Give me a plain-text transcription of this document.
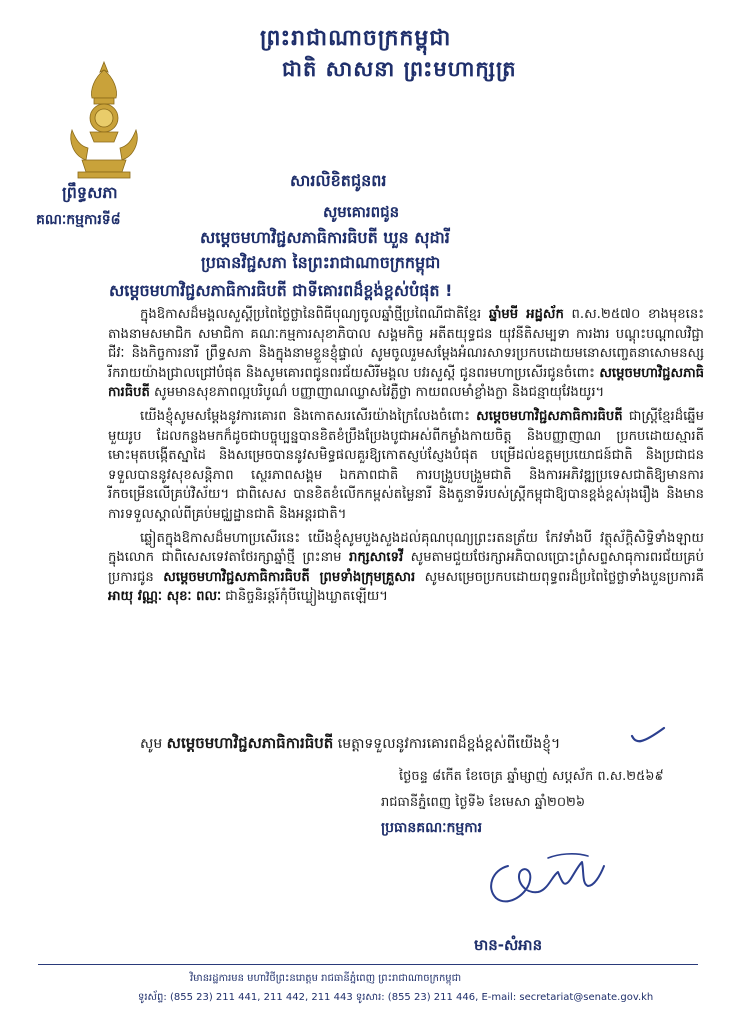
ព្រះរាជាណាចក្រកម្ពុជា
ជាតិ សាសនា ព្រះមហាក្សត្រ
ព្រឹទ្ធសភា
គណៈកម្មការទី៨
សារលិខិតជូនពរ
សូមគោរពជូន
សម្ដេចមហាវិជ្ជសភាធិការធិបតី ឃួន សុដារី
ប្រធានវិជ្ជសភា នៃព្រះរាជាណាចក្រកម្ពុជា
សម្ដេចមហាវិជ្ជសភាធិការធិបតី ជាទីគោរពដ៏ខ្ពង់ខ្ពស់បំផុត !

ក្នុងឱកាសដ៏មង្គលសួស្ដីប្រពៃថ្លៃថ្លានៃពិធីបុណ្យចូលឆ្នាំថ្មីប្រពៃណីជាតិខ្មែរ ឆ្នាំមមី អដ្ឋស័ក ព.ស.២៥៧០ ខាងមុខនេះ តាងនាមសមាជិក សមាជិកា គណៈកម្មការសុខាភិបាល សង្គមកិច្ច អតីតយុទ្ធជន យុវនីតិសម្បទា ការងារ បណ្ដុះបណ្ដាលវិជ្ជាជីវៈ និងកិច្ចការនារី ព្រឹទ្ធសភា និងក្នុងនាមខ្លួនខ្ញុំផ្ទាល់ សូមចូលរួមសម្ដែងអំណរសាទរប្រកបដោយមនោសញ្ចេតនាសោមនស្សរីករាយយ៉ាងជ្រាលជ្រៅបំផុត និងសូមគោរពជូនពរជ័យសិរីមង្គល បវរសួស្ដី ជូនពរមហាប្រសើរជូនចំពោះ សម្ដេចមហាវិជ្ជសភាធិការធិបតី សូមមានសុខភាពល្អបរិបូណ៌ បញ្ញាញាណឈ្លាសវៃភ្លឺថ្លា កាយពលមាំខ្លាំងក្លា និងជន្មាយុវែងយូរ។

យើងខ្ញុំសូមសម្ដែងនូវការគោរព និងកោតសរសើរយ៉ាងក្រៃលែងចំពោះ សម្ដេចមហាវិជ្ជសភាធិការធិបតី ជាស្ត្រីខ្មែរដ៏ឆ្នើមមួយរូប ដែលកន្លងមកក៏ដូចជាបច្ចុប្បន្នបានខិតខំប្រឹងប្រែងបូជាអស់ពីកម្លាំងកាយចិត្ត និងបញ្ញាញាណ ប្រកបដោយស្មារតីមោះមុតបង្កើតស្នាដៃ និងសម្រេចបាននូវសមិទ្ធផលគួរឱ្យកោតស្ញប់ស្ញែងបំផុត បម្រើដល់ឧត្ដមប្រយោជន៍ជាតិ និងប្រជាជន ទទួលបាននូវសុខសន្តិភាព ស្ថេរភាពសង្គម ឯកភាពជាតិ ការបង្រួបបង្រួមជាតិ និងការអភិវឌ្ឍប្រទេសជាតិឱ្យមានការរីកចម្រើនលើគ្រប់វិស័យ។ ជាពិសេស បានខិតខំលើកកម្ពស់តម្លៃនារី និងតួនាទីរបស់ស្ត្រីកម្ពុជាឱ្យបានខ្ពង់ខ្ពស់រុងរឿង និងមានការទទួលស្គាល់ពីគ្រប់មជ្ឈដ្ឋានជាតិ និងអន្តរជាតិ។

ឆ្លៀតក្នុងឱកាសដ៏មហាប្រសើរនេះ យើងខ្ញុំសូមបួងសួងដល់គុណបុណ្យព្រះរតនត្រ័យ កែវទាំងបី វត្ថុស័ក្ដិសិទ្ធិទាំងឡាយក្នុងលោក ជាពិសេសទេវតាថែរក្សាឆ្នាំថ្មី ព្រះនាម រាក្សសាទេវី សូមតាមជួយថែរក្សាអភិបាលប្រោះព្រំសព្ទសាធុការពរជ័យគ្រប់ប្រការជូន សម្ដេចមហាវិជ្ជសភាធិការធិបតី ព្រមទាំងក្រុមគ្រួសារ សូមសម្រេចប្រកបដោយពុទ្ធពរដ៏ប្រពៃថ្លៃថ្លាទាំងបួនប្រការគឺ អាយុ វណ្ណៈ សុខៈ ពលៈ ជានិច្ចនិរន្តរ៍កុំបីឃ្លៀងឃ្លាតឡើយ។

សូម សម្ដេចមហាវិជ្ជសភាធិការធិបតី មេត្តាទទួលនូវការគោរពដ៏ខ្ពង់ខ្ពស់ពីយើងខ្ញុំ។
ថ្ងៃចន្ទ ៨កើត ខែចេត្រ ឆ្នាំម្សាញ់ សប្តស័ក ព.ស.២៥៦៩
រាជធានីភ្នំពេញ ថ្ងៃទី៦ ខែមេសា ឆ្នាំ២០២៦
ប្រធានគណៈកម្មការ
មាន-សំអាន
វិមានរដ្ឋការមន មហាវិថីព្រះនរោត្តម រាជធានីភ្នំពេញ ព្រះរាជាណាចក្រកម្ពុជា
ទូរស័ព្ទ: (855 23) 211 441, 211 442, 211 443 ទូរសារ: (855 23) 211 446, E-mail: secretariat@senate.gov.kh
